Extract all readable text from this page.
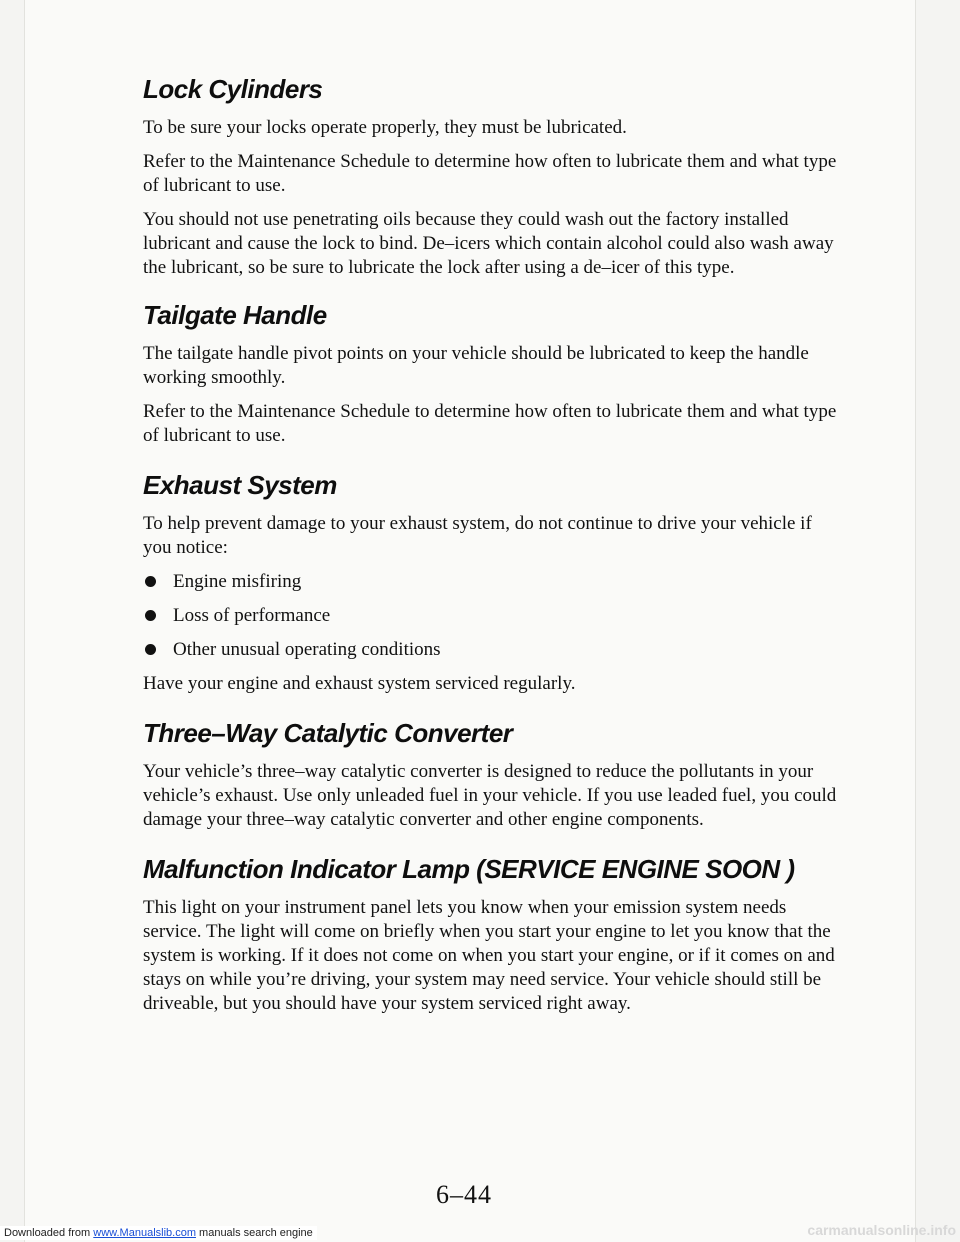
Lock Cylinders

To be sure your locks operate properly, they must be lubricated.

Refer to the Maintenance Schedule to determine how often to lubricate them and what type of lubricant to use.

You should not use penetrating oils because they could wash out the factory installed lubricant and cause the lock to bind. De–icers which contain alcohol could also wash away the lubricant, so be sure to lubricate the lock after using a de–icer of this type.

Tailgate Handle

The tailgate handle pivot points on your vehicle should be lubricated to keep the handle working smoothly.

Refer to the Maintenance Schedule to determine how often to lubricate them and what type of lubricant to use.

Exhaust System

To help prevent damage to your exhaust system, do not continue to drive your vehicle if you notice:

Engine misfiring
Loss of performance
Other unusual operating conditions

Have your engine and exhaust system serviced regularly.

Three–Way Catalytic Converter

Your vehicle’s three–way catalytic converter is designed to reduce the pollutants in your vehicle’s exhaust. Use only unleaded fuel in your vehicle. If you use leaded fuel, you could damage your three–way catalytic converter and other engine components.

Malfunction Indicator Lamp (SERVICE ENGINE SOON )

This light on your instrument panel lets you know when your emission system needs service. The light will come on briefly when you start your engine to let you know that the system is working. If it does not come on when you start your engine, or if it comes on and stays on while you’re driving, your system may need service. Your vehicle should still be driveable, but you should have your system serviced right away.

6–44
Downloaded from www.Manualslib.com manuals search engine	carmanualsonline.info
